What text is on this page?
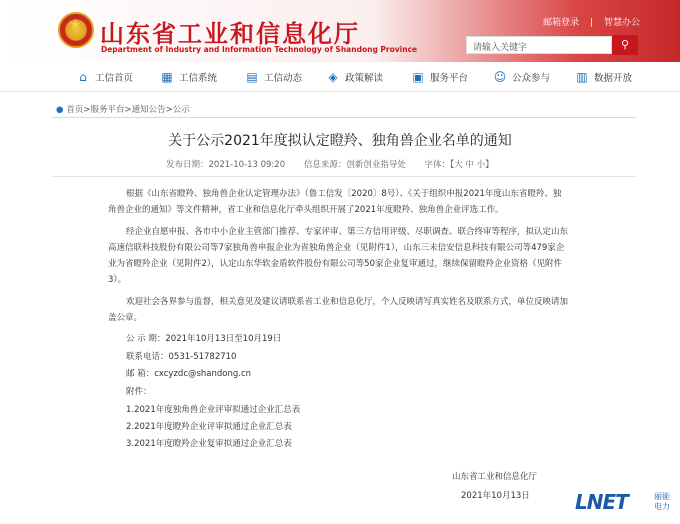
★
山东省工业和信息化厅
Department of Industry and Information Technology of Shandong Province
邮箱登录 | 智慧办公
请输入关键字	⚲
⌂ 工信首页 ▦ 工信系统 ▤ 工信动态 ◈ 政策解读 ▣ 服务平台 ☺ 公众参与 ▥ 数据开放
● 首页>服务平台>通知公告>公示
关于公示2021年度拟认定瞪羚、独角兽企业名单的通知
发布日期：2021-10-13 09:20 信息来源：创新创业指导处 字体：【大 中 小】
根据《山东省瞪羚、独角兽企业认定管理办法》（鲁工信发〔2020〕8号）、《关于组织申报2021年度山东省瞪羚、独
角兽企业的通知》等文件精神，省工业和信息化厅牵头组织开展了2021年度瞪羚、独角兽企业评选工作。
经企业自愿申报、各市中小企业主管部门推荐、专家评审、第三方信用评级、尽职调查、联合终审等程序，拟认定山东
高速信联科技股份有限公司等7家独角兽申报企业为省独角兽企业（见附件1），山东三未信安信息科技有限公司等479家企
业为省瞪羚企业（见附件2），认定山东华软金盾软件股份有限公司等50家企业复审通过，继续保留瞪羚企业资格（见附件
3）。
欢迎社会各界参与监督，相关意见及建议请联系省工业和信息化厅，个人反映请写真实姓名及联系方式，单位反映请加
盖公章。
公 示 期：2021年10月13日至10月19日
联系电话：0531-51782710
邮 箱：cxcyzdc@shandong.cn
附件：
1.2021年度独角兽企业评审拟通过企业汇总表
2.2021年度瞪羚企业评审拟通过企业汇总表
3.2021年度瞪羚企业复审拟通过企业汇总表
山东省工业和信息化厅
2021年10月13日 LNET	丽能电力
